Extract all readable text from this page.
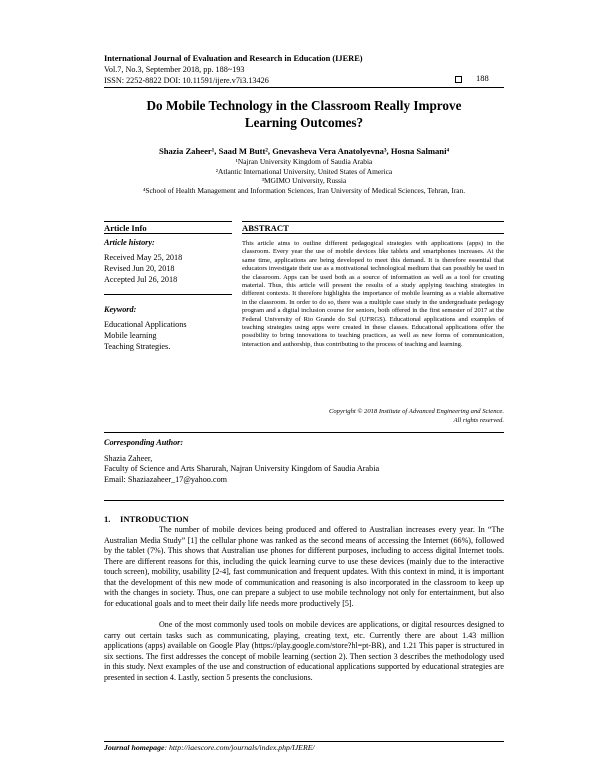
International Journal of Evaluation and Research in Education (IJERE)
Vol.7, No.3, September 2018, pp. 188~193
ISSN: 2252-8822 DOI: 10.11591/ijere.v7i3.13426	188
Do Mobile Technology in the Classroom Really Improve
Learning Outcomes?
Shazia Zaheer¹, Saad M Butt², Gnevasheva Vera Anatolyevna³, Hosna Salmani⁴
¹Najran University Kingdom of Saudia Arabia
²Atlantic International University, United States of America
³MGIMO University, Russia
⁴School of Health Management and Information Sciences, Iran University of Medical Sciences, Tehran, Iran.
Article Info	ABSTRACT
Article history:
Received May 25, 2018
Revised Jun 20, 2018
Accepted Jul 26, 2018
Keyword:
Educational Applications
Mobile learning
Teaching Strategies.
This article aims to outline different pedagogical strategies with applications (apps) in the classroom. Every year the use of mobile devices like tablets and smartphones increases. At the same time, applications are being developed to meet this demand. It is therefore essential that educators investigate their use as a motivational technological medium that can possibly be used in the classroom. Apps can be used both as a source of information as well as a tool for creating material. Thus, this article will present the results of a study applying teaching strategies in different contexts. It therefore highlights the importance of mobile learning as a viable alternative in the classroom. In order to do so, there was a multiple case study in the undergraduate pedagogy program and a digital inclusion course for seniors, both offered in the first semester of 2017 at the Federal University of Rio Grande do Sul (UFRGS). Educational applications and examples of teaching strategies using apps were created in these classes. Educational applications offer the possibility to bring innovations to teaching practices, as well as new forms of communication, interaction and authorship, thus contributing to the process of teaching and learning.
Copyright © 2018 Institute of Advanced Engineering and Science.
All rights reserved.
Corresponding Author:
Shazia Zaheer,
Faculty of Science and Arts Sharurah, Najran University Kingdom of Saudia Arabia
Email: Shaziazaheer_17@yahoo.com
1. INTRODUCTION
The number of mobile devices being produced and offered to Australian increases every year. In “The Australian Media Study” [1] the cellular phone was ranked as the second means of accessing the Internet (66%), followed by the tablet (7%). This shows that Australian use phones for different purposes, including to access digital Internet tools. There are different reasons for this, including the quick learning curve to use these devices (mainly due to the interactive touch screen), mobility, usability [2-4], fast communication and frequent updates. With this context in mind, it is important that the development of this new mode of communication and reasoning is also incorporated in the classroom to keep up with the changes in society. Thus, one can prepare a subject to use mobile technology not only for entertainment, but also for educational goals and to meet their daily life needs more productively [5].
One of the most commonly used tools on mobile devices are applications, or digital resources designed to carry out certain tasks such as communicating, playing, creating text, etc. Currently there are about 1.43 million applications (apps) available on Google Play (https://play.google.com/store?hl=pt-BR), and 1.21 This paper is structured in six sections. The first addresses the concept of mobile learning (section 2). Then section 3 describes the methodology used in this study. Next examples of the use and construction of educational applications supported by educational strategies are presented in section 4. Lastly, section 5 presents the conclusions.
Journal homepage: http://iaescore.com/journals/index.php/IJERE/
